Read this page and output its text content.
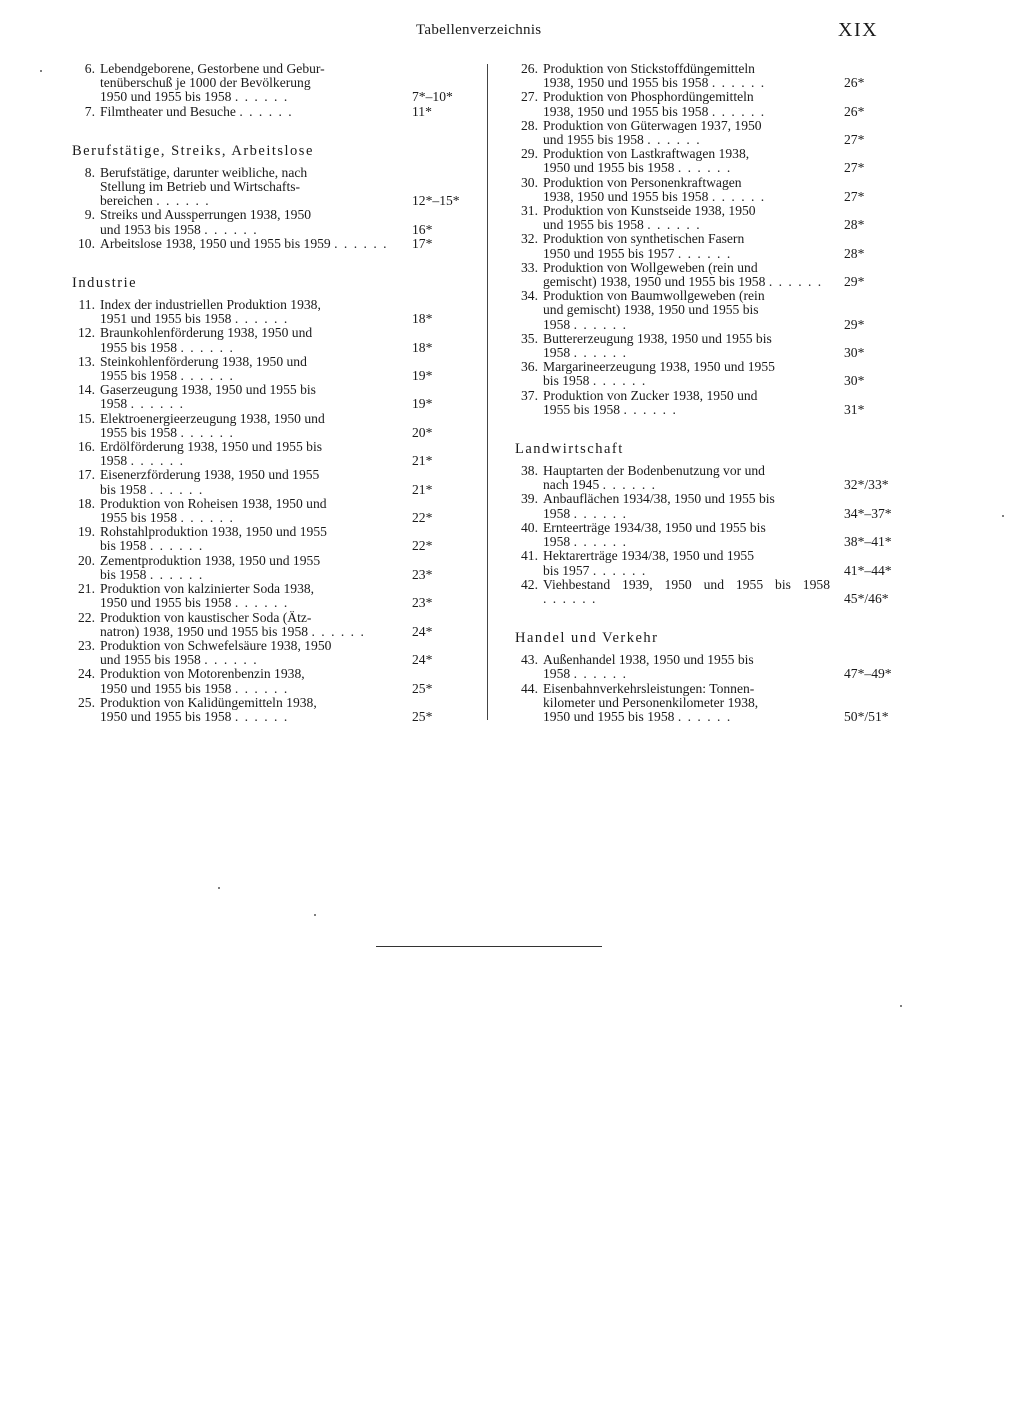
Tabellenverzeichnis	XIX
6. Lebendgeborene, Gestorbene und Gebur-
tenüberschuß je 1000 der Bevölkerung
1950 und 1955 bis 1958 . . . . . .	7*–10*
7. Filmtheater und Besuche . . . . . .	11*
Berufstätige, Streiks, Arbeitslose
8. Berufstätige, darunter weibliche, nach
Stellung im Betrieb und Wirtschafts-
bereichen . . . . . .	12*–15*
9. Streiks und Aussperrungen 1938, 1950
und 1953 bis 1958 . . . . . .	16*
10. Arbeitslose 1938, 1950 und 1955 bis 1959 . . . . . .	17*
Industrie
11. Index der industriellen Produktion 1938,
1951 und 1955 bis 1958 . . . . . .	18*
12. Braunkohlenförderung 1938, 1950 und
1955 bis 1958 . . . . . .	18*
13. Steinkohlenförderung 1938, 1950 und
1955 bis 1958 . . . . . .	19*
14. Gaserzeugung 1938, 1950 und 1955 bis
1958 . . . . . .	19*
15. Elektroenergieerzeugung 1938, 1950 und
1955 bis 1958 . . . . . .	20*
16. Erdölförderung 1938, 1950 und 1955 bis
1958 . . . . . .	21*
17. Eisenerzförderung 1938, 1950 und 1955
bis 1958 . . . . . .	21*
18. Produktion von Roheisen 1938, 1950 und
1955 bis 1958 . . . . . .	22*
19. Rohstahlproduktion 1938, 1950 und 1955
bis 1958 . . . . . .	22*
20. Zementproduktion 1938, 1950 und 1955
bis 1958 . . . . . .	23*
21. Produktion von kalzinierter Soda 1938,
1950 und 1955 bis 1958 . . . . . .	23*
22. Produktion von kaustischer Soda (Ätz-
natron) 1938, 1950 und 1955 bis 1958 . . . . . .	24*
23. Produktion von Schwefelsäure 1938, 1950
und 1955 bis 1958 . . . . . .	24*
24. Produktion von Motorenbenzin 1938,
1950 und 1955 bis 1958 . . . . . .	25*
25. Produktion von Kalidüngemitteln 1938,
1950 und 1955 bis 1958 . . . . . .	25*
26. Produktion von Stickstoffdüngemitteln
1938, 1950 und 1955 bis 1958 . . . . . .	26*
27. Produktion von Phosphordüngemitteln
1938, 1950 und 1955 bis 1958 . . . . . .	26*
28. Produktion von Güterwagen 1937, 1950
und 1955 bis 1958 . . . . . .	27*
29. Produktion von Lastkraftwagen 1938,
1950 und 1955 bis 1958 . . . . . .	27*
30. Produktion von Personenkraftwagen
1938, 1950 und 1955 bis 1958 . . . . . .	27*
31. Produktion von Kunstseide 1938, 1950
und 1955 bis 1958 . . . . . .	28*
32. Produktion von synthetischen Fasern
1950 und 1955 bis 1957 . . . . . .	28*
33. Produktion von Wollgeweben (rein und
gemischt) 1938, 1950 und 1955 bis 1958 . . . . . .	29*
34. Produktion von Baumwollgeweben (rein
und gemischt) 1938, 1950 und 1955 bis
1958 . . . . . .	29*
35. Buttererzeugung 1938, 1950 und 1955 bis
1958 . . . . . .	30*
36. Margarineerzeugung 1938, 1950 und 1955
bis 1958 . . . . . .	30*
37. Produktion von Zucker 1938, 1950 und
1955 bis 1958 . . . . . .	31*
Landwirtschaft
38. Hauptarten der Bodenbenutzung vor und
nach 1945 . . . . . .	32*/33*
39. Anbauflächen 1934/38, 1950 und 1955 bis
1958 . . . . . .	34*–37*
40. Ernteerträge 1934/38, 1950 und 1955 bis
1958 . . . . . .	38*–41*
41. Hektarerträge 1934/38, 1950 und 1955
bis 1957 . . . . . .	41*–44*
42. Viehbestand 1939, 1950 und 1955 bis 1958 . . . . . .	45*/46*
Handel und Verkehr
43. Außenhandel 1938, 1950 und 1955 bis
1958 . . . . . .	47*–49*
44. Eisenbahnverkehrsleistungen: Tonnen-
kilometer und Personenkilometer 1938,
1950 und 1955 bis 1958 . . . . . .	50*/51*
